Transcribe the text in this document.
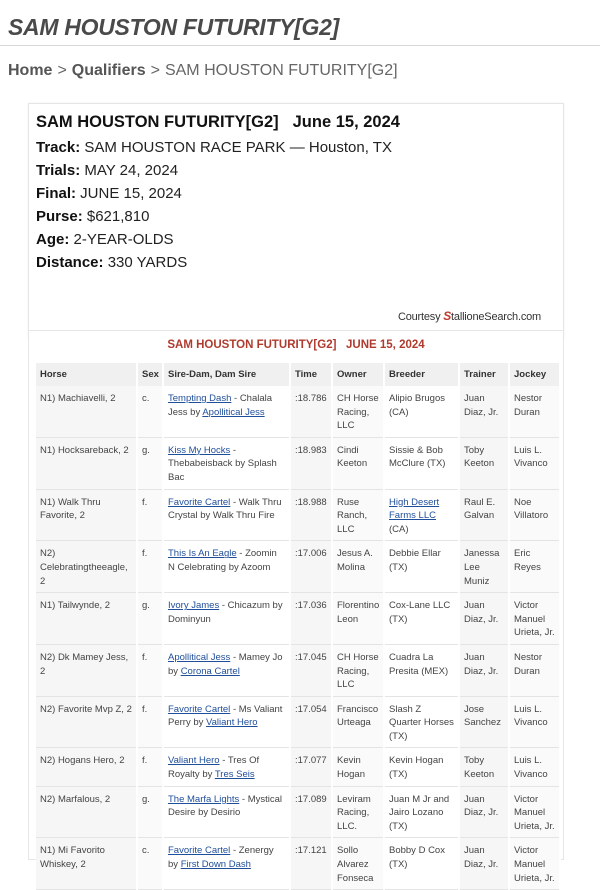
SAM HOUSTON FUTURITY[G2]
Home > Qualifiers > SAM HOUSTON FUTURITY[G2]
SAM HOUSTON FUTURITY[G2] June 15, 2024
Track: SAM HOUSTON RACE PARK — Houston, TX
Trials: MAY 24, 2024
Final: JUNE 15, 2024
Purse: $621,810
Age: 2-YEAR-OLDS
Distance: 330 YARDS
Courtesy StallioneSearch.com
SAM HOUSTON FUTURITY[G2]   JUNE 15, 2024
Horse	Sex	Sire-Dam, Dam Sire	Time	Owner	Breeder	Trainer	Jockey
N1) Machiavelli, 2	c.	Tempting Dash - Chalala Jess by Apollitical Jess	:18.786	CH Horse Racing, LLC	Alipio Brugos (CA)	Juan Diaz, Jr.	Nestor Duran
N1) Hocksareback, 2	g.	Kiss My Hocks - Thebabeisback by Splash Bac	:18.983	Cindi Keeton	Sissie & Bob McClure (TX)	Toby Keeton	Luis L. Vivanco
N1) Walk Thru Favorite, 2	f.	Favorite Cartel - Walk Thru Crystal by Walk Thru Fire	:18.988	Ruse Ranch, LLC	High Desert Farms LLC (CA)	Raul E. Galvan	Noe Villatoro
N2) Celebratingtheeagle, 2	f.	This Is An Eagle - Zoomin N Celebrating by Azoom	:17.006	Jesus A. Molina	Debbie Ellar (TX)	Janessa Lee Muniz	Eric Reyes
N1) Tailwynde, 2	g.	Ivory James - Chicazum by Dominyun	:17.036	Florentino Leon	Cox-Lane LLC (TX)	Juan Diaz, Jr.	Victor Manuel Urieta, Jr.
N2) Dk Mamey Jess, 2	f.	Apollitical Jess - Mamey Jo by Corona Cartel	:17.045	CH Horse Racing, LLC	Cuadra La Presita (MEX)	Juan Diaz, Jr.	Nestor Duran
N2) Favorite Mvp Z, 2	f.	Favorite Cartel - Ms Valiant Perry by Valiant Hero	:17.054	Francisco Urteaga	Slash Z Quarter Horses (TX)	Jose Sanchez	Luis L. Vivanco
N2) Hogans Hero, 2	f.	Valiant Hero - Tres Of Royalty by Tres Seis	:17.077	Kevin Hogan	Kevin Hogan (TX)	Toby Keeton	Luis L. Vivanco
N2) Marfalous, 2	g.	The Marfa Lights - Mystical Desire by Desirio	:17.089	Leviram Racing, LLC.	Juan M Jr and Jairo Lozano (TX)	Juan Diaz, Jr.	Victor Manuel Urieta, Jr.
N1) Mi Favorito Whiskey, 2	c.	Favorite Cartel - Zenergy by First Down Dash	:17.121	Sollo Alvarez Fonseca	Bobby D Cox (TX)	Juan Diaz, Jr.	Victor Manuel Urieta, Jr.
